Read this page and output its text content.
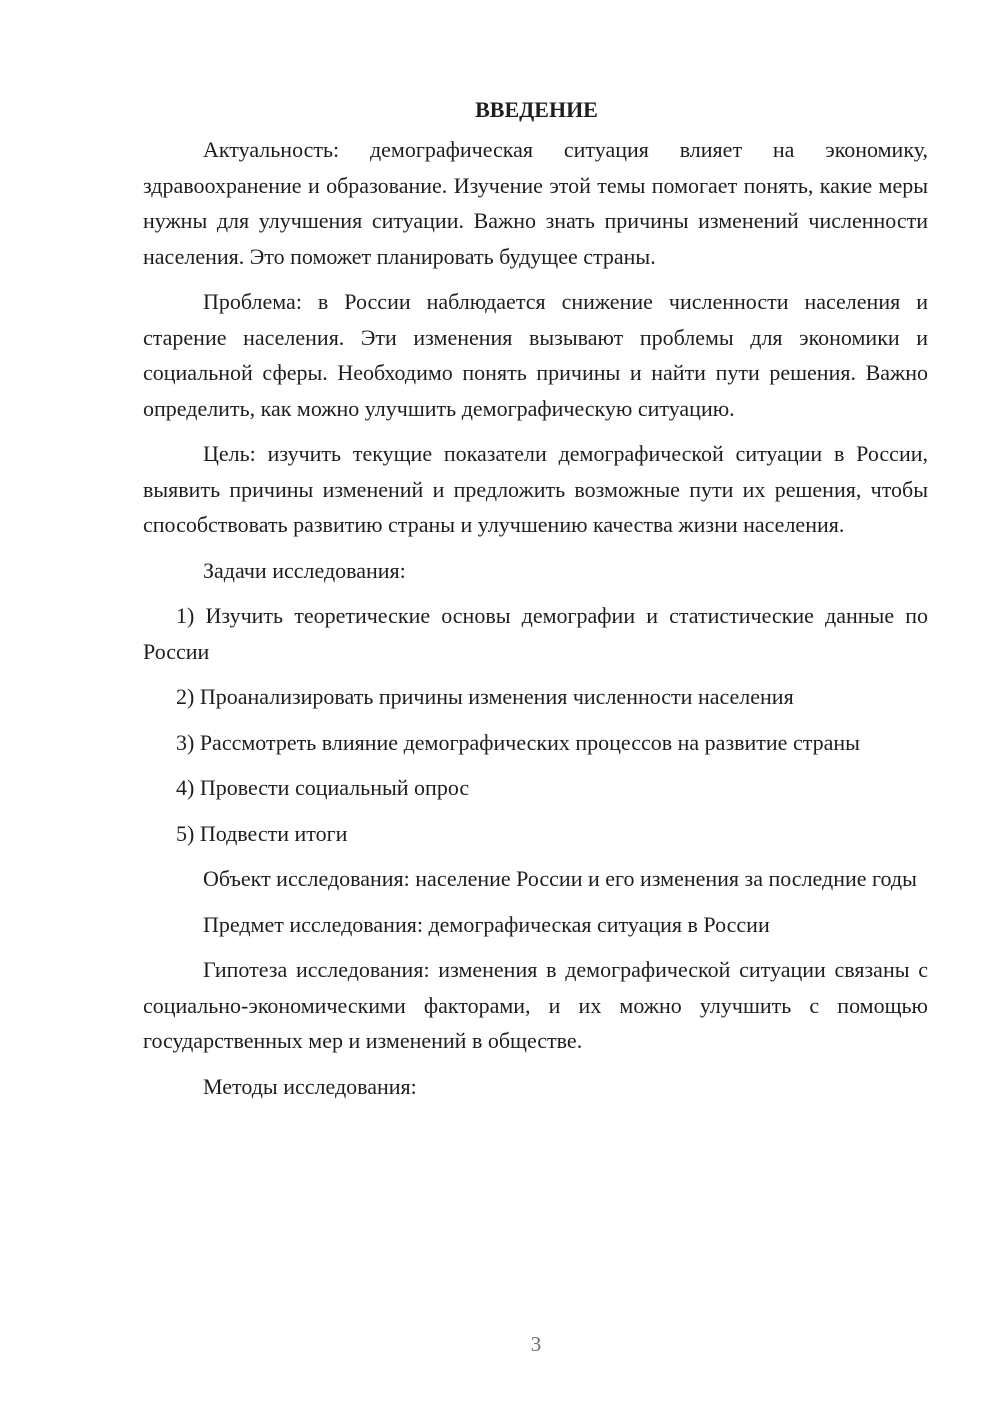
ВВЕДЕНИЕ

Актуальность: демографическая ситуация влияет на экономику, здравоохранение и образование. Изучение этой темы помогает понять, какие меры нужны для улучшения ситуации. Важно знать причины изменений численности населения. Это поможет планировать будущее страны.

Проблема: в России наблюдается снижение численности населения и старение населения. Эти изменения вызывают проблемы для экономики и социальной сферы. Необходимо понять причины и найти пути решения. Важно определить, как можно улучшить демографическую ситуацию.

Цель: изучить текущие показатели демографической ситуации в России, выявить причины изменений и предложить возможные пути их решения, чтобы способствовать развитию страны и улучшению качества жизни населения.

Задачи исследования:

1) Изучить теоретические основы демографии и статистические данные по России

2) Проанализировать причины изменения численности населения

3) Рассмотреть влияние демографических процессов на развитие страны

4) Провести социальный опрос

5) Подвести итоги

Объект исследования: население России и его изменения за последние годы

Предмет исследования: демографическая ситуация в России

Гипотеза исследования: изменения в демографической ситуации связаны с социально-экономическими факторами, и их можно улучшить с помощью государственных мер и изменений в обществе.

Методы исследования:

3
